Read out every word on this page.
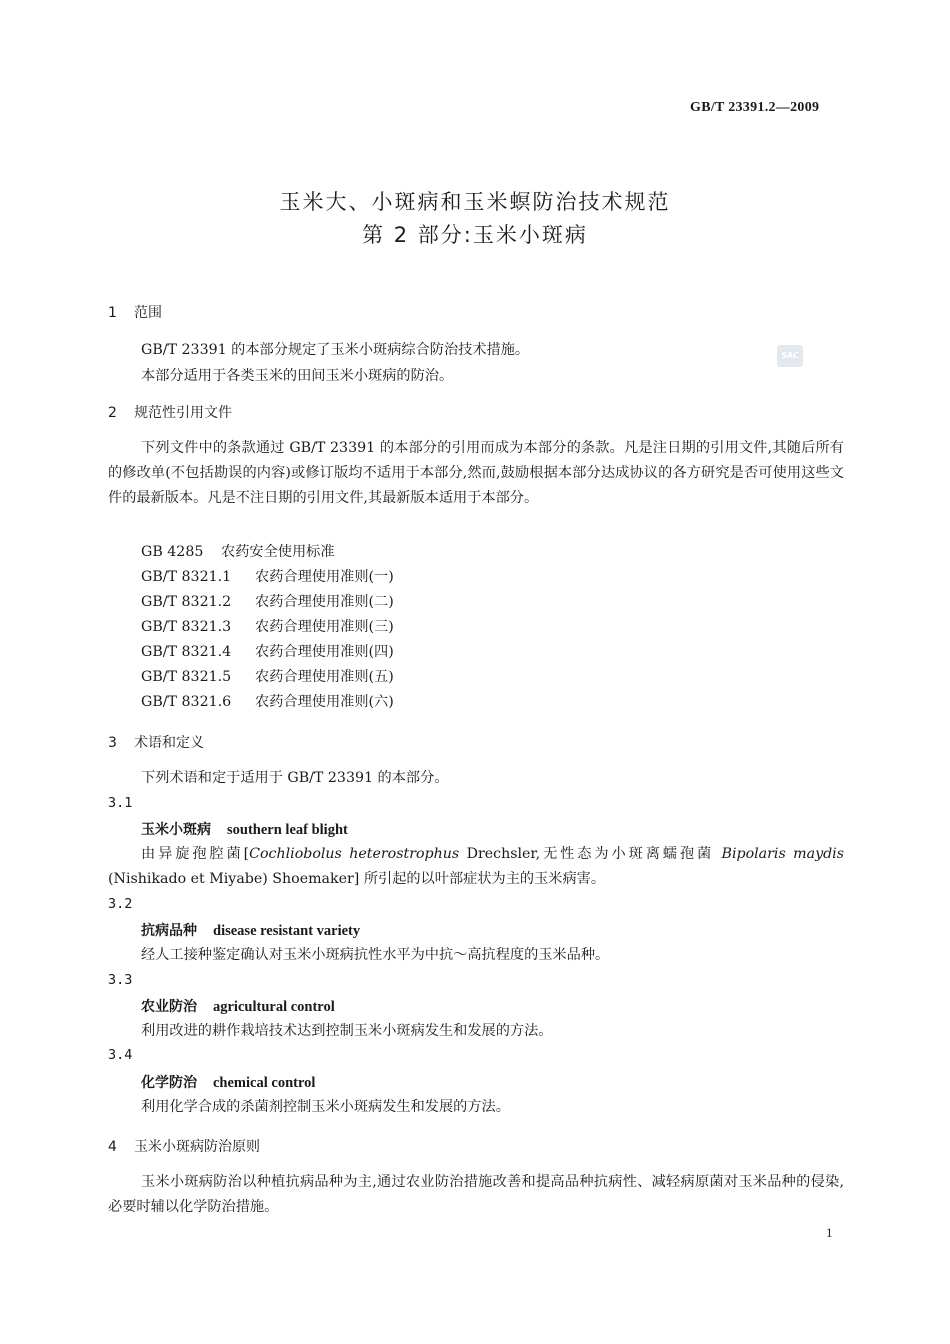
GB/T 23391.2—2009
玉米大、小斑病和玉米螟防治技术规范
第 2 部分:玉米小斑病
SAC
1 范围
GB/T 23391 的本部分规定了玉米小斑病综合防治技术措施。
本部分适用于各类玉米的田间玉米小斑病的防治。
2 规范性引用文件
下列文件中的条款通过 GB/T 23391 的本部分的引用而成为本部分的条款。凡是注日期的引用文件,其随后所有的修改单(不包括勘误的内容)或修订版均不适用于本部分,然而,鼓励根据本部分达成协议的各方研究是否可使用这些文件的最新版本。凡是不注日期的引用文件,其最新版本适用于本部分。
GB 4285 农药安全使用标准
GB/T 8321.1 农药合理使用准则(一)
GB/T 8321.2 农药合理使用准则(二)
GB/T 8321.3 农药合理使用准则(三)
GB/T 8321.4 农药合理使用准则(四)
GB/T 8321.5 农药合理使用准则(五)
GB/T 8321.6 农药合理使用准则(六)
3 术语和定义
下列术语和定于适用于 GB/T 23391 的本部分。
3.1
玉米小斑病 southern leaf blight
由异旋孢腔菌[Cochliobolus heterostrophus Drechsler,无性态为小斑离蠕孢菌 Bipolaris maydis (Nishikado et Miyabe) Shoemaker] 所引起的以叶部症状为主的玉米病害。
3.2
抗病品种 disease resistant variety
经人工接种鉴定确认对玉米小斑病抗性水平为中抗～高抗程度的玉米品种。
3.3
农业防治 agricultural control
利用改进的耕作栽培技术达到控制玉米小斑病发生和发展的方法。
3.4
化学防治 chemical control
利用化学合成的杀菌剂控制玉米小斑病发生和发展的方法。
4 玉米小斑病防治原则
玉米小斑病防治以种植抗病品种为主,通过农业防治措施改善和提高品种抗病性、减轻病原菌对玉米品种的侵染,必要时辅以化学防治措施。
1
